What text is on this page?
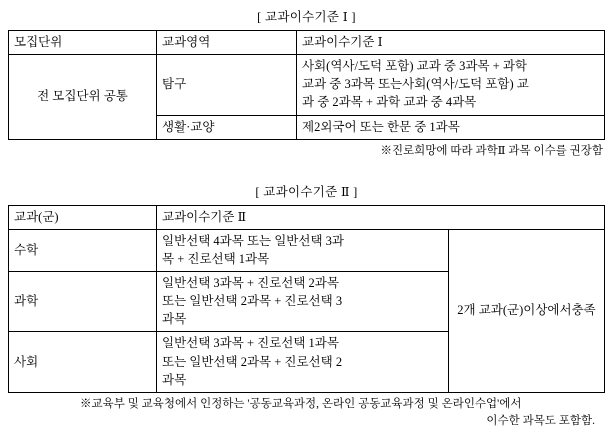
[ 교과이수기준 Ⅰ ]
모집단위	교과영역	교과이수기준 Ⅰ
전 모집단위 공통	탐구	사회(역사/도덕 포함) 교과 중 3과목 + 과학
교과 중 3과목 또는사회(역사/도덕 포함) 교
과 중 2과목 + 과학 교과 중 4과목

	생활·교양	제2외국어 또는 한문 중 1과목
※진로희망에 따라 과학Ⅱ 과목 이수를 권장함
[ 교과이수기준 Ⅱ ]
교과(군)	교과이수기준 Ⅱ	
수학	일반선택 4과목 또는 일반선택 3과
목 + 진로선택 1과목	2개 교과(군)이상에서충족
과학	일반선택 3과목 + 진로선택 2과목
또는 일반선택 2과목 + 진로선택 3
과목	

사회	일반선택 3과목 + 진로선택 1과목
또는 일반선택 2과목 + 진로선택 2
과목	
※교육부 및 교육청에서 인정하는 '공동교육과정, 온라인 공동교육과정 및 온라인수업'에서
이수한 과목도 포함함.
